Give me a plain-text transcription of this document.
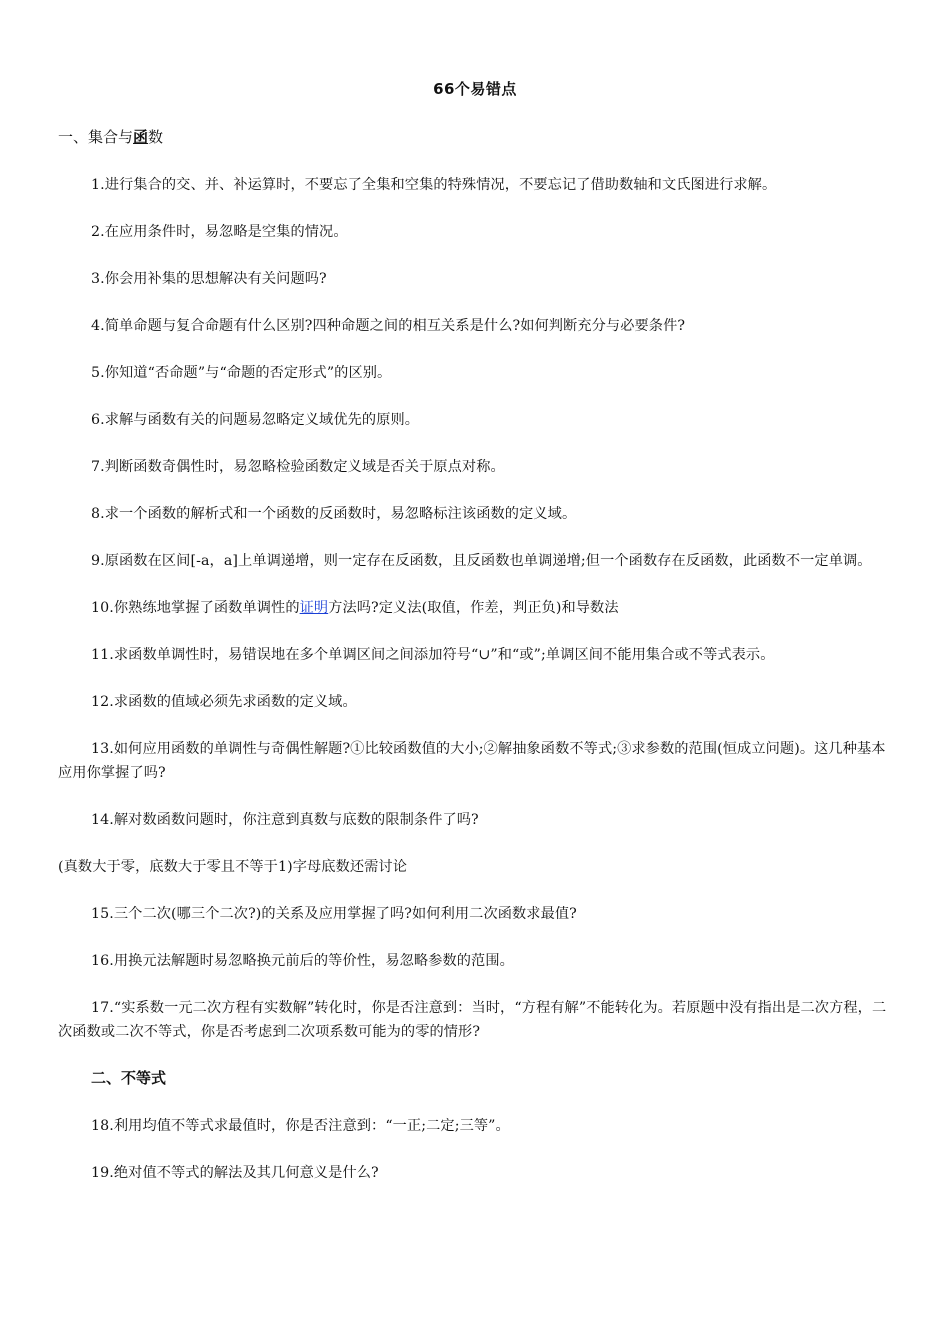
66个易错点
一、集合与函数
1.进行集合的交、并、补运算时，不要忘了全集和空集的特殊情况，不要忘记了借助数轴和文氏图进行求解。
2.在应用条件时，易忽略是空集的情况。
3.你会用补集的思想解决有关问题吗?
4.简单命题与复合命题有什么区别?四种命题之间的相互关系是什么?如何判断充分与必要条件?
5.你知道“否命题”与“命题的否定形式”的区别。
6.求解与函数有关的问题易忽略定义域优先的原则。
7.判断函数奇偶性时，易忽略检验函数定义域是否关于原点对称。
8.求一个函数的解析式和一个函数的反函数时，易忽略标注该函数的定义域。
9.原函数在区间[-a，a]上单调递增，则一定存在反函数，且反函数也单调递增;但一个函数存在反函数，此函数不一定单调。
10.你熟练地掌握了函数单调性的证明方法吗?定义法(取值，作差，判正负)和导数法
11.求函数单调性时，易错误地在多个单调区间之间添加符号“∪”和“或”;单调区间不能用集合或不等式表示。
12.求函数的值域必须先求函数的定义域。
13.如何应用函数的单调性与奇偶性解题?①比较函数值的大小;②解抽象函数不等式;③求参数的范围(恒成立问题)。这几种基本应用你掌握了吗?
14.解对数函数问题时，你注意到真数与底数的限制条件了吗?
(真数大于零，底数大于零且不等于1)字母底数还需讨论
15.三个二次(哪三个二次?)的关系及应用掌握了吗?如何利用二次函数求最值?
16.用换元法解题时易忽略换元前后的等价性，易忽略参数的范围。
17.“实系数一元二次方程有实数解”转化时，你是否注意到：当时，“方程有解”不能转化为。若原题中没有指出是二次方程，二次函数或二次不等式，你是否考虑到二次项系数可能为的零的情形?
二、不等式
18.利用均值不等式求最值时，你是否注意到：“一正;二定;三等”。
19.绝对值不等式的解法及其几何意义是什么?
